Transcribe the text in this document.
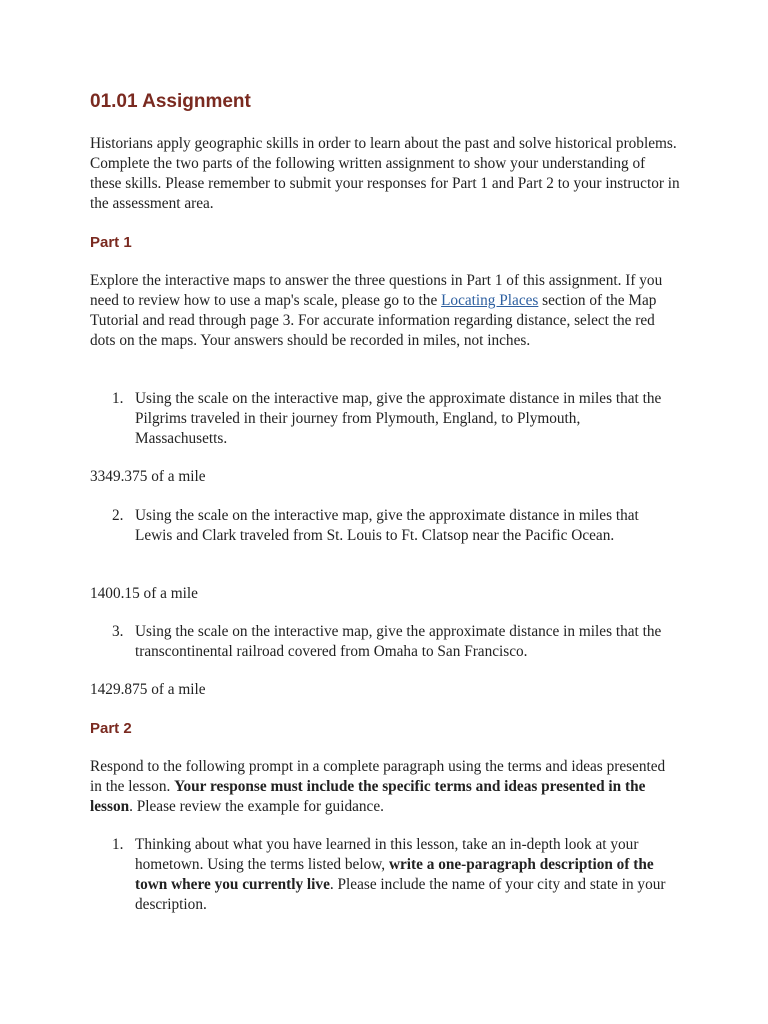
01.01 Assignment

Historians apply geographic skills in order to learn about the past and solve historical problems. Complete the two parts of the following written assignment to show your understanding of these skills. Please remember to submit your responses for Part 1 and Part 2 to your instructor in the assessment area.

Part 1

Explore the interactive maps to answer the three questions in Part 1 of this assignment. If you need to review how to use a map's scale, please go to the Locating Places section of the Map Tutorial and read through page 3. For accurate information regarding distance, select the red dots on the maps. Your answers should be recorded in miles, not inches.

1. Using the scale on the interactive map, give the approximate distance in miles that the Pilgrims traveled in their journey from Plymouth, England, to Plymouth, Massachusetts.

3349.375 of a mile

2. Using the scale on the interactive map, give the approximate distance in miles that Lewis and Clark traveled from St. Louis to Ft. Clatsop near the Pacific Ocean.

1400.15 of a mile

3. Using the scale on the interactive map, give the approximate distance in miles that the transcontinental railroad covered from Omaha to San Francisco.

1429.875 of a mile

Part 2

Respond to the following prompt in a complete paragraph using the terms and ideas presented in the lesson. Your response must include the specific terms and ideas presented in the lesson. Please review the example for guidance.

1. Thinking about what you have learned in this lesson, take an in-depth look at your hometown. Using the terms listed below, write a one-paragraph description of the town where you currently live. Please include the name of your city and state in your description.
